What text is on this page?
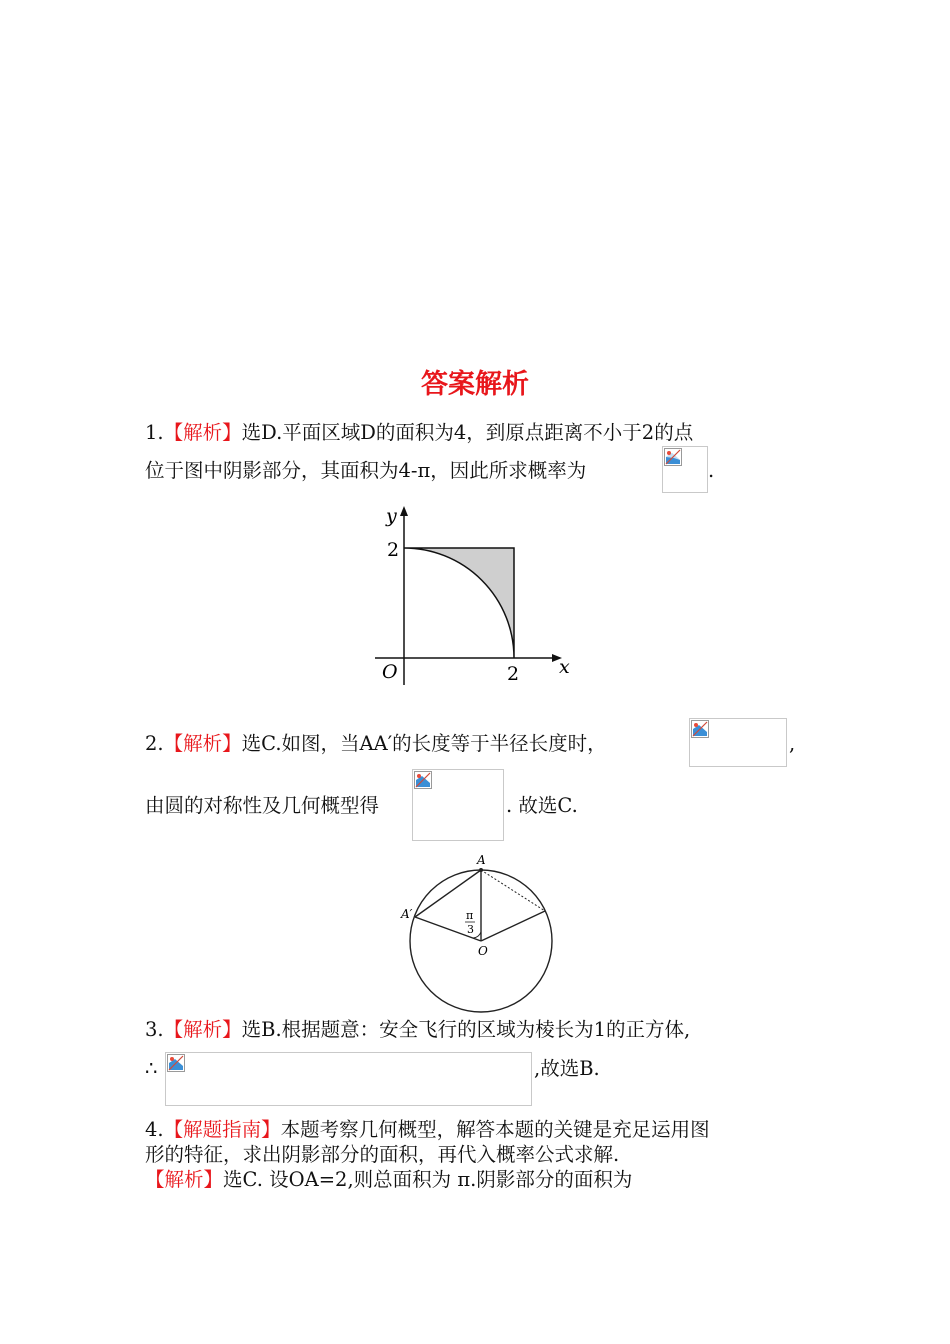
答案解析
1.【解析】选D.平面区域D的面积为4，到原点距离不小于2的点
位于图中阴影部分，其面积为4-π，因此所求概率为	.
y
x
O
2
2
2.【解析】选C.如图，当AA′的长度等于半径长度时，	,
由圆的对称性及几何概型得	. 故选C.
A
A′
O
π
3
3.【解析】选B.根据题意：安全飞行的区域为棱长为1的正方体,
∴	,故选B.
4.【解题指南】本题考察几何概型，解答本题的关键是充足运用图
形的特征，求出阴影部分的面积，再代入概率公式求解.
【解析】选C. 设OA=2,则总面积为 π.阴影部分的面积为
